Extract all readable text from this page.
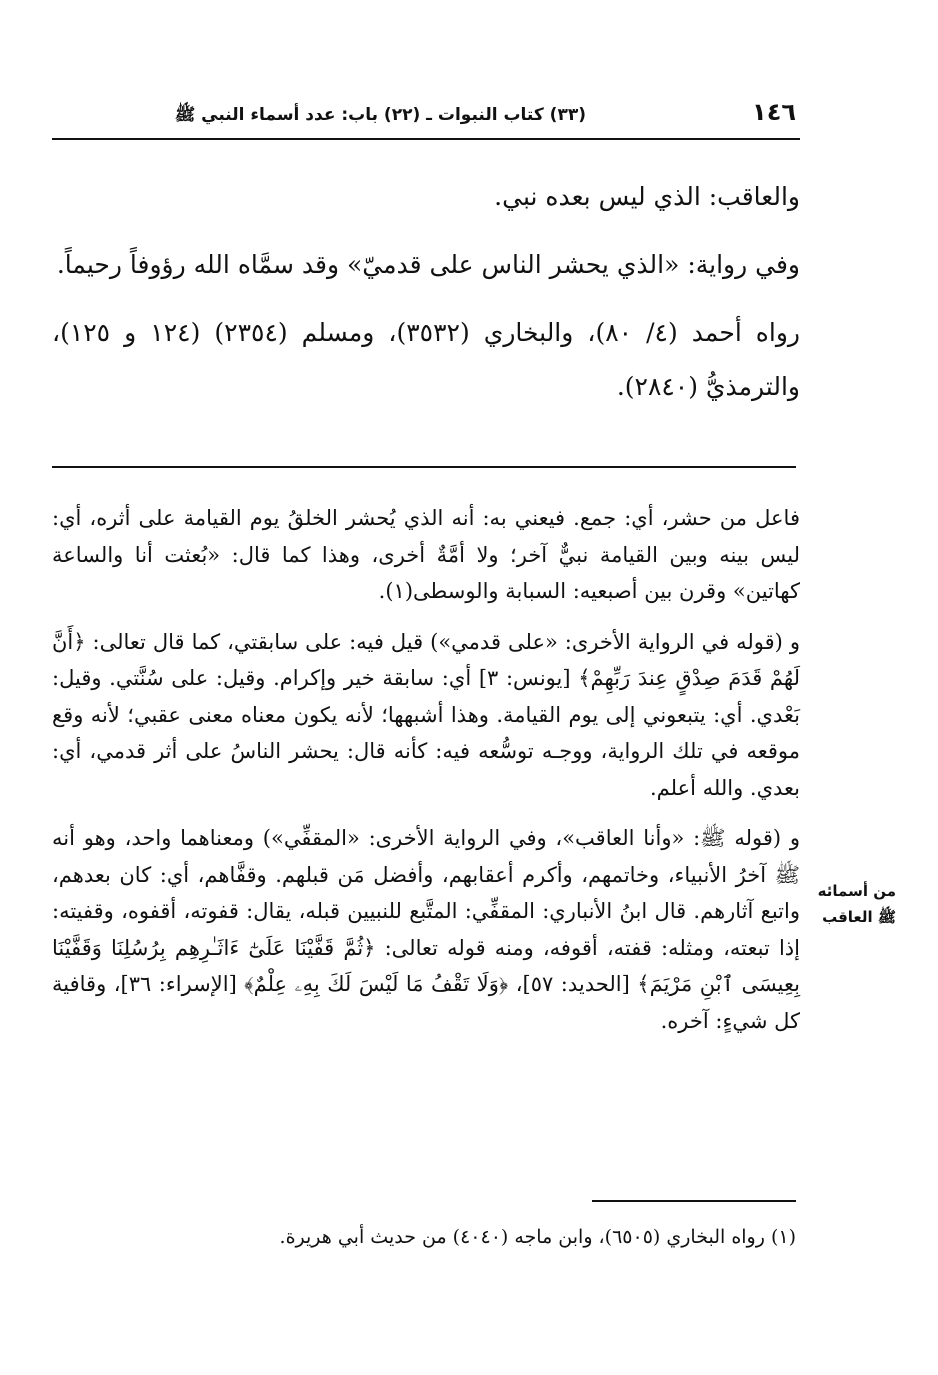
١٤٦
(٣٣) كتاب النبوات ـ (٢٢) باب: عدد أسماء النبي ﷺ

والعاقب: الذي ليس بعده نبي.

وفي رواية: «الذي يحشر الناس على قدميّ» وقد سمَّاه الله رؤوفاً رحيماً.

رواه أحمد (٤/ ٨٠)، والبخاري (٣٥٣٢)، ومسلم (٢٣٥٤) (١٢٤ و ١٢٥)، والترمذيُّ (٢٨٤٠).

فاعل من حشر، أي: جمع. فيعني به: أنه الذي يُحشر الخلقُ يوم القيامة على أثره، أي: ليس بينه وبين القيامة نبيٌّ آخر؛ ولا أمَّةٌ أخرى، وهذا كما قال: «بُعثت أنا والساعة كهاتين» وقرن بين أصبعيه: السبابة والوسطى(١).

و (قوله في الرواية الأخرى: «على قدمي») قيل فيه: على سابقتي، كما قال تعالى: ﴿أَنَّ لَهُمْ قَدَمَ صِدْقٍ عِندَ رَبِّهِمْ﴾ [يونس: ٣] أي: سابقة خير وإكرام. وقيل: على سُنَّتي. وقيل: بَعْدي. أي: يتبعوني إلى يوم القيامة. وهذا أشبهها؛ لأنه يكون معناه معنى عقبي؛ لأنه وقع موقعه في تلك الرواية، ووجـه توسُّعه فيه: كأنه قال: يحشر الناسُ على أثر قدمي، أي: بعدي. والله أعلم.

و (قوله ﷺ: «وأنا العاقب»، وفي الرواية الأخرى: «المقفِّي») ومعناهما واحد، وهو أنه ﷺ آخرُ الأنبياء، وخاتمهم، وأكرم أعقابهم، وأفضل مَن قبلهم. وقفَّاهم، أي: كان بعدهم، واتبع آثارهم. قال ابنُ الأنباري: المقفِّي: المتَّبع للنبيين قبله، يقال: قفوته، أقفوه، وقفيته: إذا تبعته، ومثله: قفته، أقوفه، ومنه قوله تعالى: ﴿ثُمَّ قَفَّيْنَا عَلَىٰٓ ءَاثَـٰرِهِم بِرُسُلِنَا وَقَفَّيْنَا بِعِيسَى ٱبْنِ مَرْيَمَ﴾ [الحديد: ٥٧]، ﴿وَلَا تَقْفُ مَا لَيْسَ لَكَ بِهِۦ عِلْمٌ﴾ [الإسراء: ٣٦]، وقافية كل شيءٍ: آخره.

من أسمائه ﷺ العاقب
(١) رواه البخاري (٦٥٠٥)، وابن ماجه (٤٠٤٠) من حديث أبي هريرة.
